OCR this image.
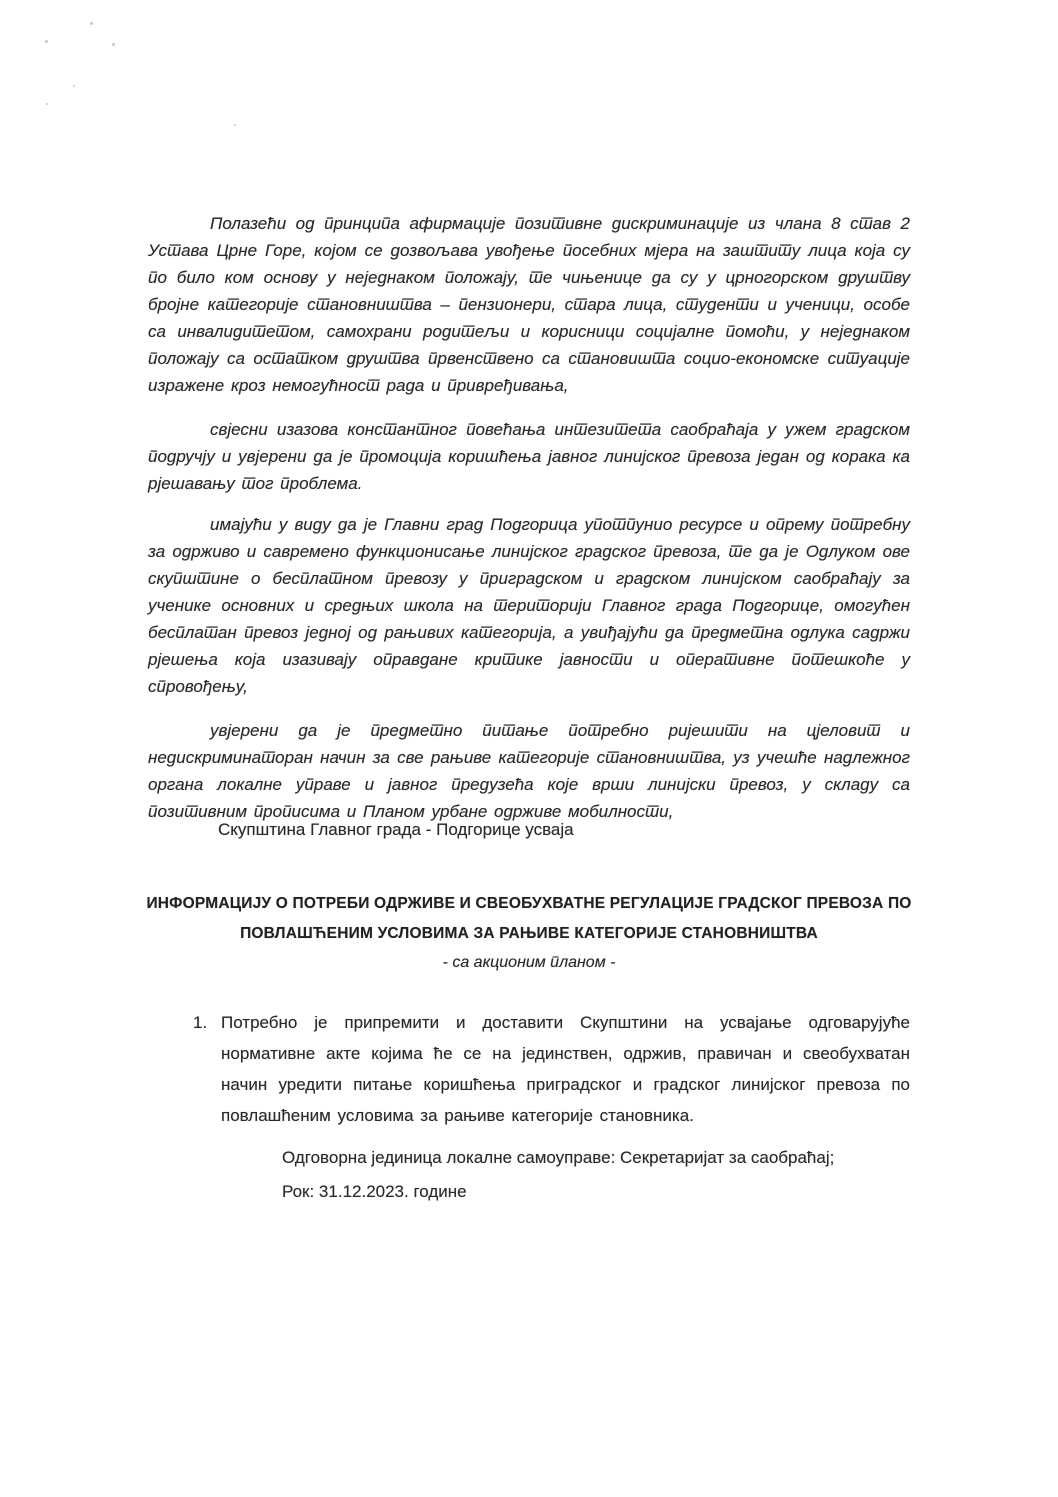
Полазећи од принципа афирмације позитивне дискриминације из члана 8 став 2 Устава Црне Горе, којом се дозвољава увођење посебних мјера на заштиту лица која су по било ком основу у неједнаком положају, те чињенице да су у црногорском друштву бројне категорије становништва – пензионери, стара лица, студенти и ученици, особе са инвалидитетом, самохрани родитељи и корисници социјалне помоћи, у неједнаком положају са остатком друштва првенствено са становишта социо-економске ситуације изражене кроз немогућност рада и привређивања,

свјесни изазова константног повећања интезитета саобраћаја у ужем градском подручју и увјерени да је промоција коришћења јавног линијског превоза један од корака ка рјешавању тог проблема.

имајући у виду да је Главни град Подгорица употпунио ресурсе и опрему потребну за одрживо и савремено функционисање линијског градског превоза, те да је Одлуком ове скупштине о бесплатном превозу у приградском и градском линијском саобраћају за ученике основних и средњих школа на територији Главног града Подгорице, омогућен бесплатан превоз једној од рањивих категорија, а увиђајући да предметна одлука садржи рјешења која изазивају оправдане критике јавности и оперативне потешкоће у спровођењу,

увјерени да је предметно питање потребно ријешити на цјеловит и недискриминаторан начин за све рањиве категорије становништва, уз учешће надлежног органа локалне управе и јавног предузећа које врши линијски превоз, у складу са позитивним прописима и Планом урбане одрживе мобилности,

Скупштина Главног града - Подгорице усваја
ИНФОРМАЦИЈУ О ПОТРЕБИ ОДРЖИВЕ И СВЕОБУХВАТНЕ РЕГУЛАЦИЈЕ ГРАДСКОГ ПРЕВОЗА ПО
ПОВЛАШЋЕНИМ УСЛОВИМА ЗА РАЊИВЕ КАТЕГОРИЈЕ СТАНОВНИШТВА
- са акционим планом -
1. Потребно је припремити и доставити Скупштини на усвајање одговарујуће нормативне акте којима ће се на јединствен, одржив, правичан и свеобухватан начин уредити питање коришћења приградског и градског линијског превоза по повлашћеним условима за рањиве категорије становника.
Одговорна јединица локалне самоуправе: Секретаријат за саобраћај;
Рок: 31.12.2023. године
